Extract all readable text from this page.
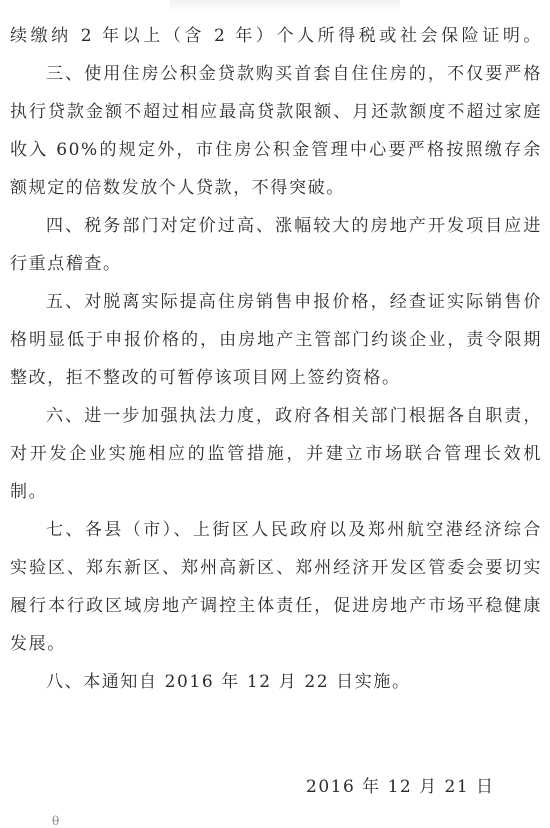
续缴纳 2 年以上（含 2 年）个人所得税或社会保险证明。
三、使用住房公积金贷款购买首套自住住房的，不仅要严格
执行贷款金额不超过相应最高贷款限额、月还款额度不超过家庭
收入 60%的规定外，市住房公积金管理中心要严格按照缴存余
额规定的倍数发放个人贷款，不得突破。
四、税务部门对定价过高、涨幅较大的房地产开发项目应进
行重点稽查。
五、对脱离实际提高住房销售申报价格，经查证实际销售价
格明显低于申报价格的，由房地产主管部门约谈企业，责令限期
整改，拒不整改的可暂停该项目网上签约资格。
六、进一步加强执法力度，政府各相关部门根据各自职责，
对开发企业实施相应的监管措施，并建立市场联合管理长效机
制。
七、各县（市）、上街区人民政府以及郑州航空港经济综合
实验区、郑东新区、郑州高新区、郑州经济开发区管委会要切实
履行本行政区域房地产调控主体责任，促进房地产市场平稳健康
发展。
八、本通知自 2016 年 12 月 22 日实施。
2016 年 12 月 21 日
θ
